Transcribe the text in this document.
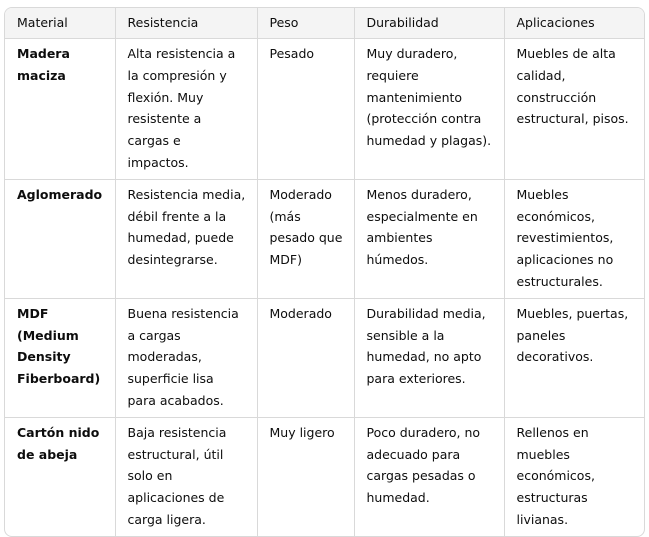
Material	Resistencia	Peso	Durabilidad	Aplicaciones
Madera maciza	Alta resistencia a la compresión y flexión. Muy resistente a cargas e impactos.	Pesado	Muy duradero, requiere mantenimiento (protección contra humedad y plagas).	Muebles de alta calidad, construcción estructural, pisos.
Aglomerado	Resistencia media, débil frente a la humedad, puede desintegrarse.	Moderado (más pesado que MDF)	Menos duradero, especialmente en ambientes húmedos.	Muebles económicos, revestimientos, aplicaciones no estructurales.
MDF (Medium Density Fiberboard)	Buena resistencia a cargas moderadas, superficie lisa para acabados.	Moderado	Durabilidad media, sensible a la humedad, no apto para exteriores.	Muebles, puertas, paneles decorativos.
Cartón nido de abeja	Baja resistencia estructural, útil solo en aplicaciones de carga ligera.	Muy ligero	Poco duradero, no adecuado para cargas pesadas o humedad.	Rellenos en muebles económicos, estructuras livianas.
